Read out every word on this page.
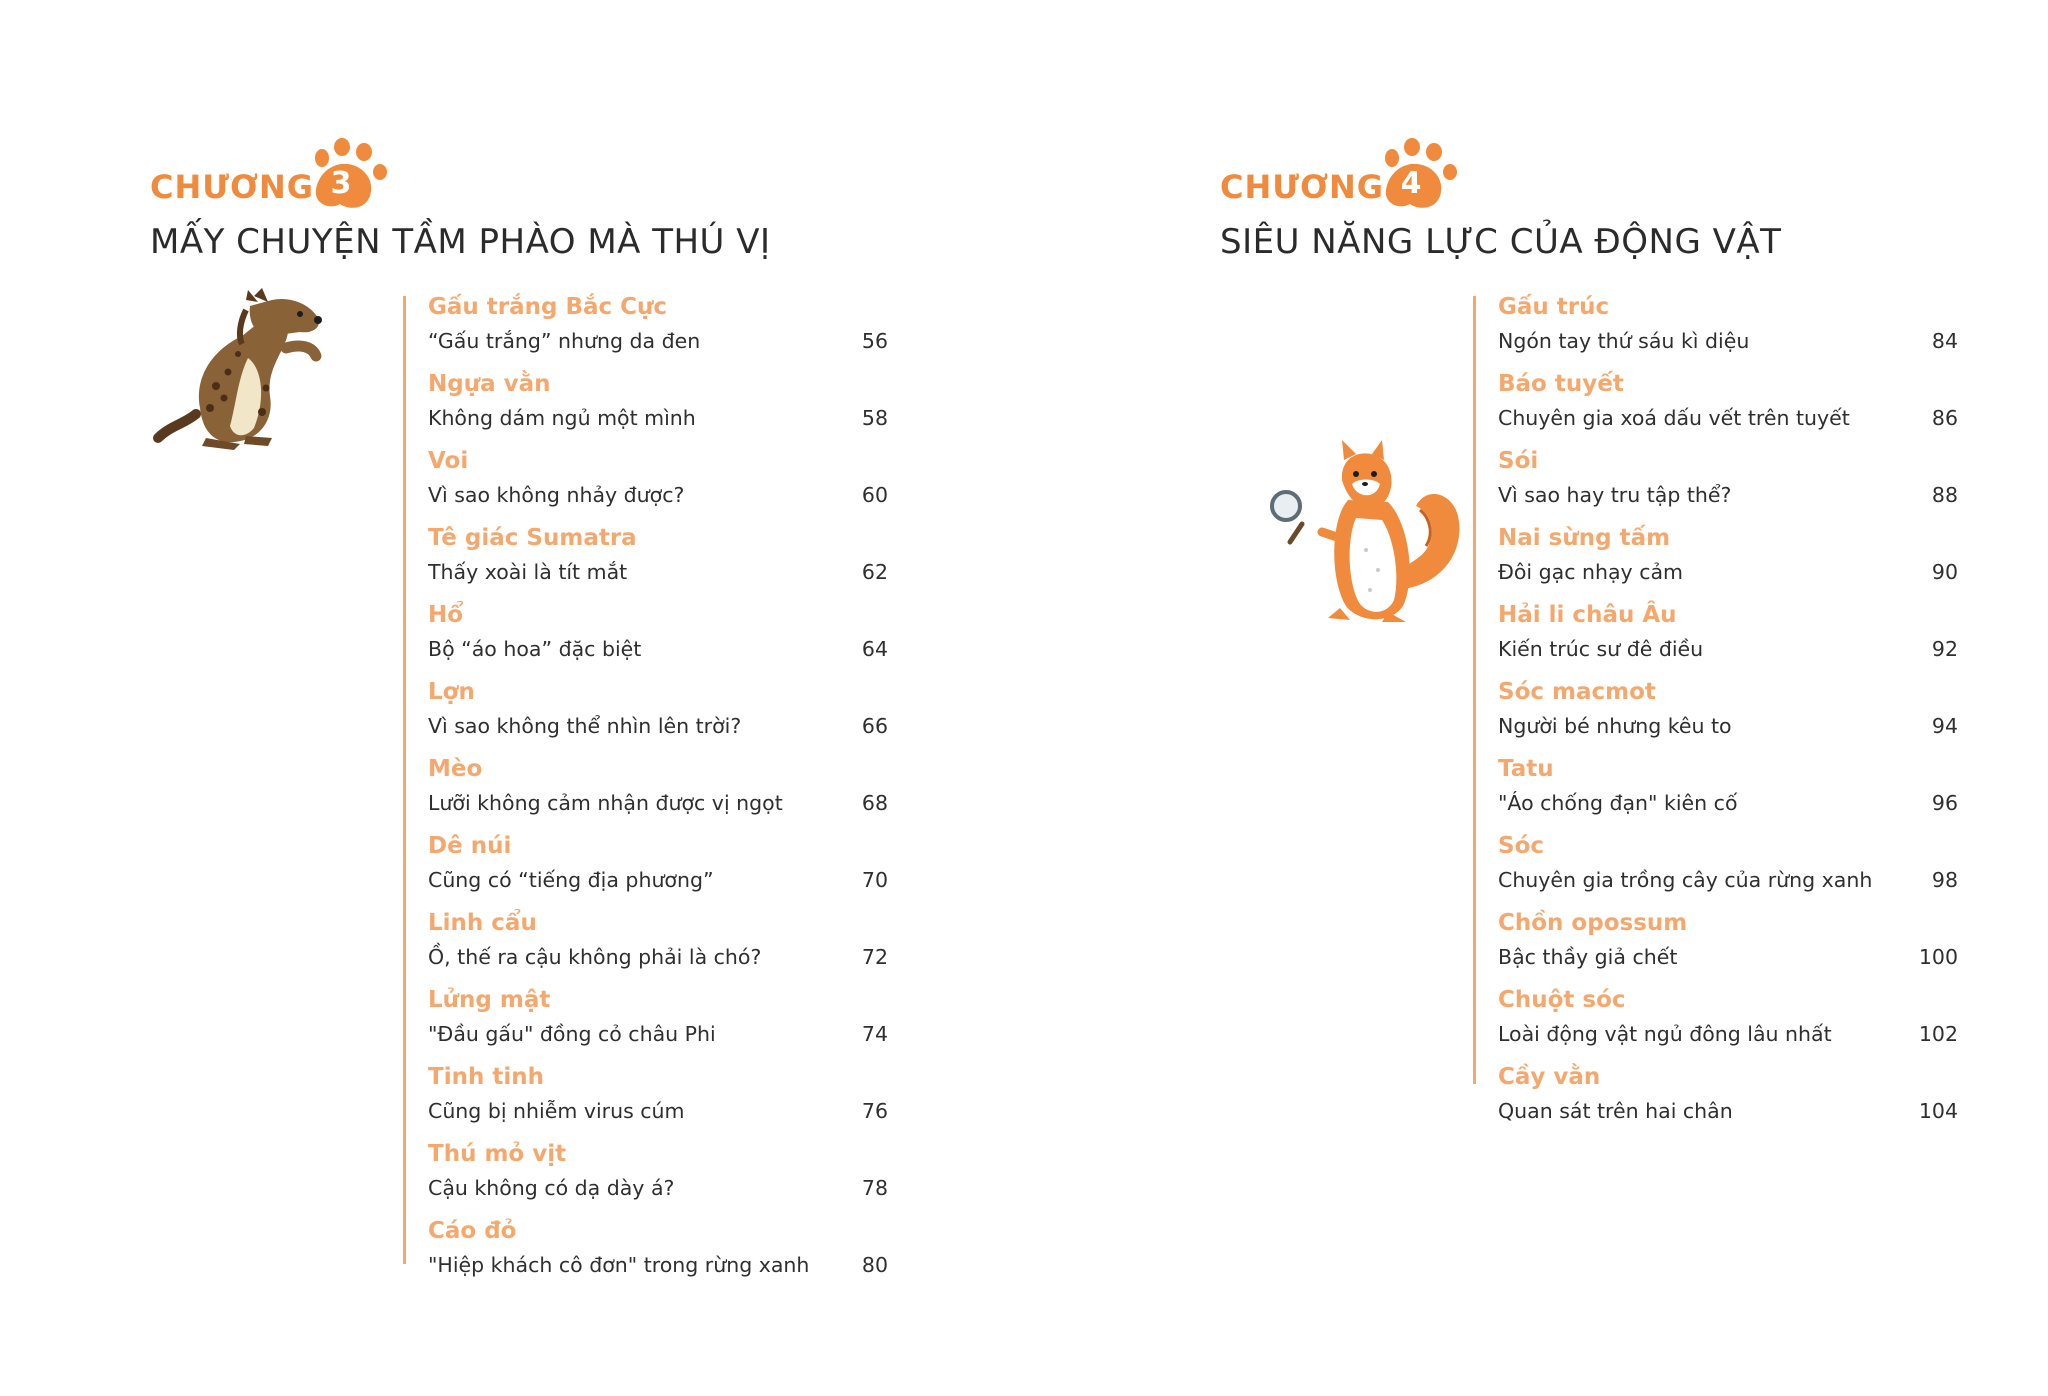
CHƯƠNG 3
MẤY CHUYỆN TẦM PHÀO MÀ THÚ VỊ
Gấu trắng Bắc Cực
“Gấu trắng” nhưng da đen	56
Ngựa vằn
Không dám ngủ một mình	58
Voi
Vì sao không nhảy được?	60
Tê giác Sumatra
Thấy xoài là tít mắt	62
Hổ
Bộ “áo hoa” đặc biệt	64
Lợn
Vì sao không thể nhìn lên trời?	66
Mèo
Lưỡi không cảm nhận được vị ngọt	68
Dê núi
Cũng có “tiếng địa phương”	70
Linh cẩu
Ồ, thế ra cậu không phải là chó?	72
Lửng mật
"Đầu gấu" đồng cỏ châu Phi	74
Tinh tinh
Cũng bị nhiễm virus cúm	76
Thú mỏ vịt
Cậu không có dạ dày á?	78
Cáo đỏ
"Hiệp khách cô đơn" trong rừng xanh	80
CHƯƠNG 4
SIÊU NĂNG LỰC CỦA ĐỘNG VẬT
Gấu trúc
Ngón tay thứ sáu kì diệu	84
Báo tuyết
Chuyên gia xoá dấu vết trên tuyết	86
Sói
Vì sao hay tru tập thể?	88
Nai sừng tấm
Đôi gạc nhạy cảm	90
Hải li châu Âu
Kiến trúc sư đê điều	92
Sóc macmot
Người bé nhưng kêu to	94
Tatu
"Áo chống đạn" kiên cố	96
Sóc
Chuyên gia trồng cây của rừng xanh	98
Chồn opossum
Bậc thầy giả chết	100
Chuột sóc
Loài động vật ngủ đông lâu nhất	102
Cầy vằn
Quan sát trên hai chân	104
